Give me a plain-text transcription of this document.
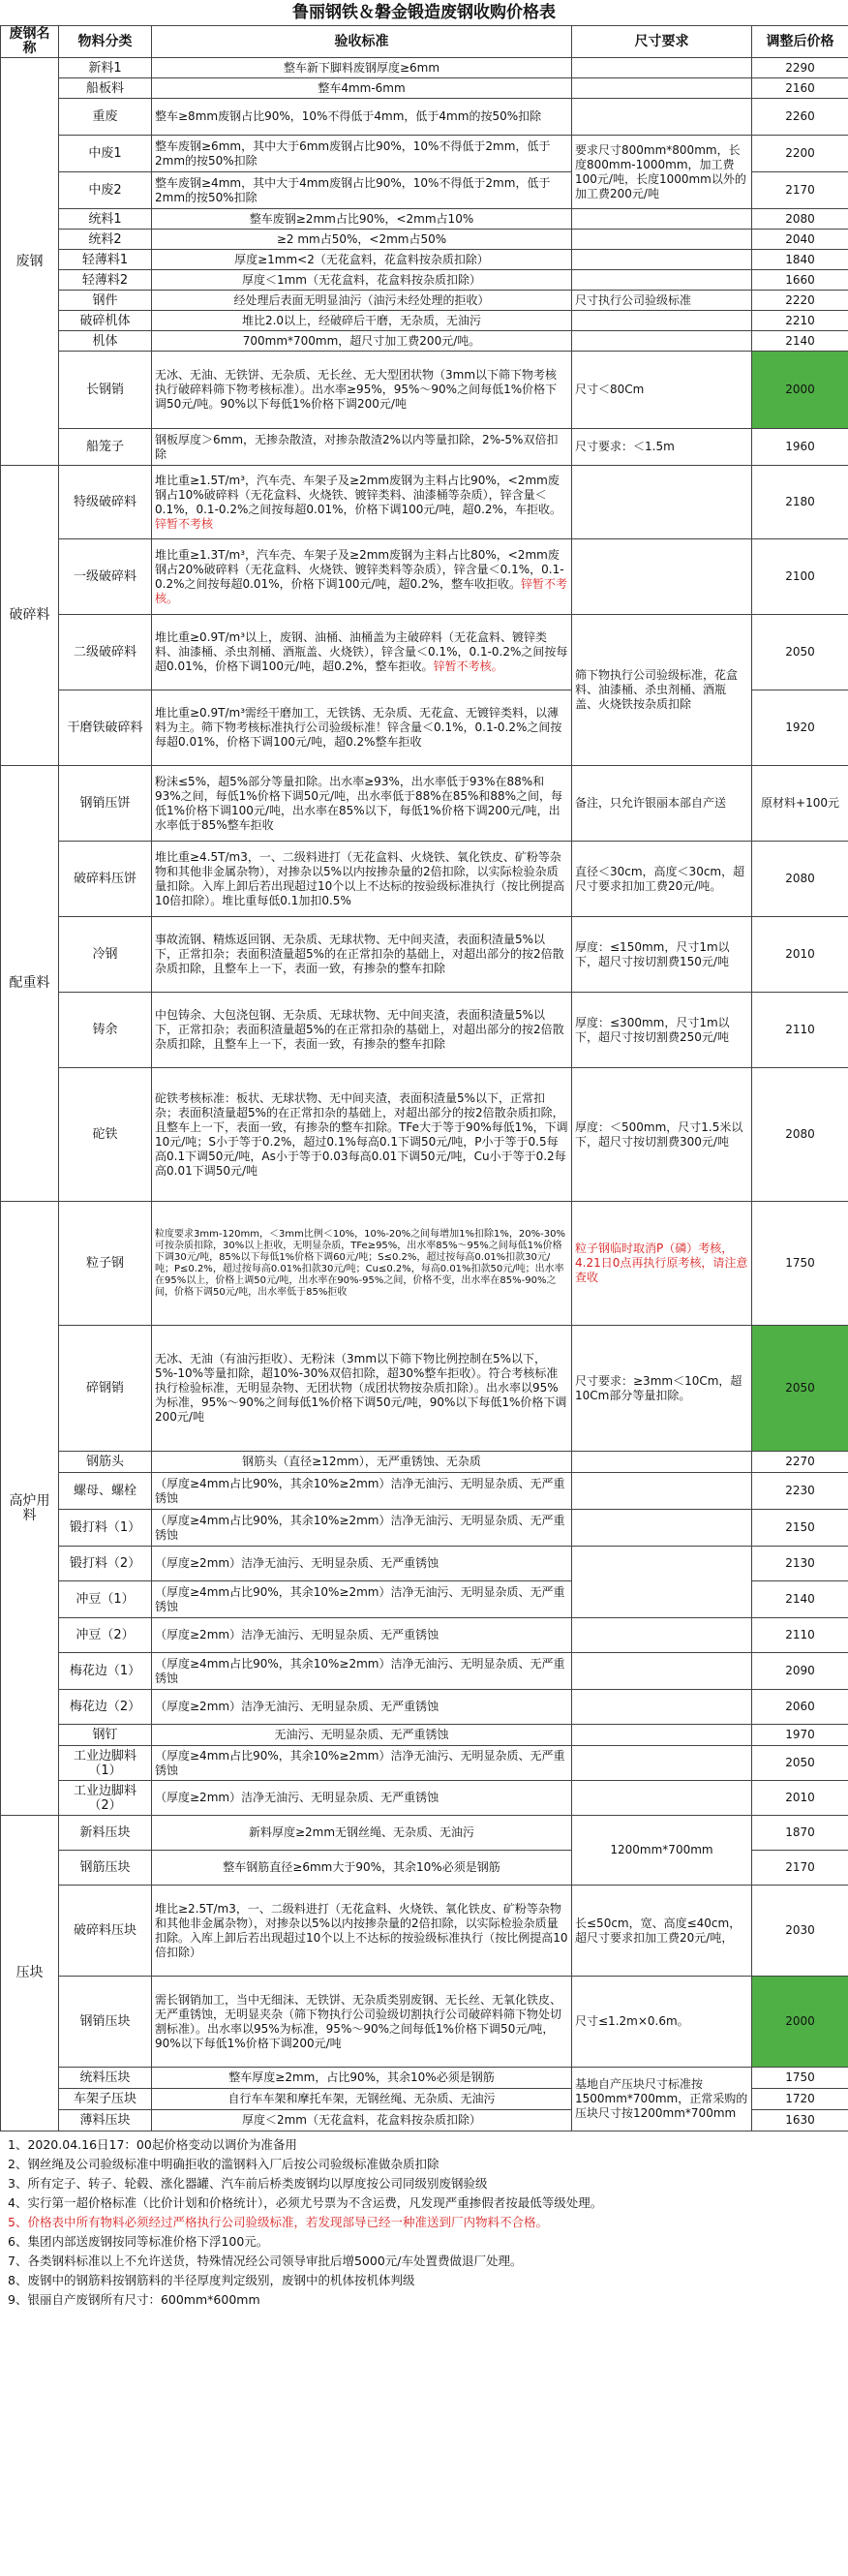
鲁丽钢铁＆磐金锻造废钢收购价格表
废钢名称	物料分类	验收标准	尺寸要求	调整后价格
废钢	新料1	整车新下脚料废钢厚度≥6mm		2290
	船板料	整车4mm-6mm		2160
	重废	整车≥8mm废钢占比90%，10%不得低于4mm，低于4mm的按50%扣除		2260
	中废1	整车废钢≥6mm，其中大于6mm废钢占比90%，10%不得低于2mm，低于2mm的按50%扣除	要求尺寸800mm*800mm，长度800mm-1000mm，加工费100元/吨，长度1000mm以外的加工费200元/吨	2200
	中废2	整车废钢≥4mm，其中大于4mm废钢占比90%，10%不得低于2mm，低于2mm的按50%扣除		2170
	统料1	整车废钢≥2mm占比90%，<2mm占10%		2080
	统料2	≥2 mm占50%，<2mm占50%		2040
	轻薄料1	厚度≥1mm<2（无花盒料，花盒料按杂质扣除）		1840
	轻薄料2	厚度＜1mm（无花盒料，花盒料按杂质扣除）		1660
	钢件	经处理后表面无明显油污（油污未经处理的拒收）	尺寸执行公司验级标准	2220
	破碎机体	堆比2.0以上，经破碎后干磨，无杂质，无油污		2210
	机体	700mm*700mm，超尺寸加工费200元/吨。		2140
	长钢销	无冰、无油、无铁饼、无杂质、无长丝、无大型团状物（3mm以下筛下物考核执行破碎料筛下物考核标准）。出水率≥95%，95%～90%之间每低1%价格下调50元/吨。90%以下每低1%价格下调200元/吨	尺寸＜80Cm	2000
	船笼子	钢板厚度＞6mm，无掺杂散渣，对掺杂散渣2%以内等量扣除，2%-5%双倍扣除	尺寸要求：＜1.5m	1960
破碎料	特级破碎料	堆比重≥1.5T/m³，汽车壳、车架子及≥2mm废钢为主料占比90%，<2mm废钢占10%破碎料（无花盒料、火烧铁、镀锌类料、油漆桶等杂质），锌含量＜0.1%，0.1-0.2%之间按每超0.01%，价格下调100元/吨，超0.2%，车拒收。锌暂不考核		2180
	一级破碎料	堆比重≥1.3T/m³，汽车壳、车架子及≥2mm废钢为主料占比80%，<2mm废钢占20%破碎料（无花盒料、火烧铁、镀锌类料等杂质），锌含量＜0.1%，0.1-0.2%之间按每超0.01%，价格下调100元/吨，超0.2%，整车收拒收。锌暂不考核。		2100
	二级破碎料	堆比重≥0.9T/m³以上，废钢、油桶、油桶盖为主破碎料（无花盒料、镀锌类料、油漆桶、杀虫剂桶、酒瓶盖、火烧铁），锌含量＜0.1%，0.1-0.2%之间按每超0.01%，价格下调100元/吨，超0.2%，整车拒收。锌暂不考核。	筛下物执行公司验级标准，花盒料、油漆桶、杀虫剂桶、酒瓶盖、火烧铁按杂质扣除	2050
	干磨铁破碎料	堆比重≥0.9T/m³需经干磨加工，无铁锈、无杂质、无花盒、无镀锌类料，以薄料为主。筛下物考核标准执行公司验级标准！锌含量＜0.1%，0.1-0.2%之间按每超0.01%，价格下调100元/吨，超0.2%整车拒收		1920
配重料	钢销压饼	粉沫≤5%，超5%部分等量扣除。出水率≥93%，出水率低于93%在88%和93%之间，每低1%价格下调50元/吨，出水率低于88%在85%和88%之间，每低1%价格下调100元/吨，出水率在85%以下，每低1%价格下调200元/吨，出水率低于85%整车拒收	备注，只允许银丽本部自产送	原材料+100元
	破碎料压饼	堆比重≥4.5T/m3，一、二级料进打（无花盒料、火烧铁、氧化铁皮、矿粉等杂物和其他非金属杂物），对掺杂以5%以内按掺杂量的2倍扣除，以实际检验杂质量扣除。入库上卸后若出现超过10个以上不达标的按验级标准执行（按比例提高10倍扣除）。堆比重每低0.1加扣0.5%	直径＜30cm，高度＜30cm，超尺寸要求扣加工费20元/吨。	2080
	冷钢	事故流钢、精炼返回钢、无杂质、无球状物、无中间夹渣，表面积渣量5%以下，正常扣杂；表面积渣量超5%的在正常扣杂的基础上，对超出部分的按2倍散杂质扣除，且整车上一下，表面一致，有掺杂的整车扣除	厚度：≤150mm，尺寸1m以下，超尺寸按切割费150元/吨	2010
	铸余	中包铸余、大包浇包钢、无杂质、无球状物、无中间夹渣，表面积渣量5%以下，正常扣杂；表面积渣量超5%的在正常扣杂的基础上，对超出部分的按2倍散杂质扣除，且整车上一下，表面一致，有掺杂的整车扣除	厚度：≤300mm，尺寸1m以下，超尺寸按切割费250元/吨	2110
	砣铁	砣铁考核标准：板状、无球状物、无中间夹渣，表面积渣量5%以下，正常扣杂；表面积渣量超5%的在正常扣杂的基础上，对超出部分的按2倍散杂质扣除，且整车上一下，表面一致，有掺杂的整车扣除。TFe大于等于90%每低1%，下调10元/吨；S小于等于0.2%，超过0.1%每高0.1下调50元/吨，P小于等于0.5每高0.1下调50元/吨，As小于等于0.03每高0.01下调50元/吨，Cu小于等于0.2每高0.01下调50元/吨	厚度：＜500mm，尺寸1.5米以下，超尺寸按切割费300元/吨	2080
高炉用料	粒子钢	粒度要求3mm-120mm，＜3mm比例＜10%，10%-20%之间每增加1%扣除1%，20%-30%可按杂质扣除，30%以上拒收，无明显杂质，TFe≥95%，出水率85%～95%之间每低1%价格下调30元/吨，85%以下每低1%价格下调60元/吨；S≤0.2%，超过按每高0.01%扣款30元/吨；P≤0.2%，超过按每高0.01%扣款30元/吨；Cu≤0.2%，每高0.01%扣款50元/吨；出水率在95%以上，价格上调50元/吨，出水率在90%-95%之间，价格不变，出水率在85%-90%之间，价格下调50元/吨，出水率低于85%拒收	粒子钢临时取消P（磷）考核，4.21日0点再执行原考核，请注意查收	1750
	碎钢销	无冰、无油（有油污拒收）、无粉沫（3mm以下筛下物比例控制在5%以下，5%-10%等量扣除，超10%-30%双倍扣除，超30%整车拒收）。符合考核标准执行检验标准，无明显杂物、无团状物（成团状物按杂质扣除）。出水率以95%为标准，95%～90%之间每低1%价格下调50元/吨，90%以下每低1%价格下调200元/吨	尺寸要求：≥3mm＜10Cm，超10Cm部分等量扣除。	2050
	钢筋头	钢筋头（直径≥12mm），无严重锈蚀、无杂质		2270
	螺母、螺栓	（厚度≥4mm占比90%，其余10%≥2mm）洁净无油污、无明显杂质、无严重锈蚀		2230
	锻打料（1）	（厚度≥4mm占比90%，其余10%≥2mm）洁净无油污、无明显杂质、无严重锈蚀		2150
	锻打料（2）	（厚度≥2mm）洁净无油污、无明显杂质、无严重锈蚀		2130
	冲豆（1）	（厚度≥4mm占比90%，其余10%≥2mm）洁净无油污、无明显杂质、无严重锈蚀		2140
	冲豆（2）	（厚度≥2mm）洁净无油污、无明显杂质、无严重锈蚀		2110
	梅花边（1）	（厚度≥4mm占比90%，其余10%≥2mm）洁净无油污、无明显杂质、无严重锈蚀		2090
	梅花边（2）	（厚度≥2mm）洁净无油污、无明显杂质、无严重锈蚀		2060
	钢钉	无油污、无明显杂质、无严重锈蚀		1970
	工业边脚料（1）	（厚度≥4mm占比90%，其余10%≥2mm）洁净无油污、无明显杂质、无严重锈蚀		2050
	工业边脚料（2）	（厚度≥2mm）洁净无油污、无明显杂质、无严重锈蚀		2010
压块	新料压块	新料厚度≥2mm无钢丝绳、无杂质、无油污	1200mm*700mm	1870
	钢筋压块	整车钢筋直径≥6mm大于90%，其余10%必须是钢筋		2170
	破碎料压块	堆比≥2.5T/m3，一、二级料进打（无花盒料、火烧铁、氧化铁皮、矿粉等杂物和其他非金属杂物），对掺杂以5%以内按掺杂量的2倍扣除，以实际检验杂质量扣除。入库上卸后若出现超过10个以上不达标的按验级标准执行（按比例提高10倍扣除）	长≤50cm，宽、高度≤40cm，超尺寸要求扣加工费20元/吨，	2030
	钢销压块	需长钢销加工，当中无细沫、无铁饼、无杂质类别废钢、无长丝、无氧化铁皮、无严重锈蚀，无明显夹杂（筛下物执行公司验级切割执行公司破碎料筛下物处切割标准）。出水率以95%为标准，95%～90%之间每低1%价格下调50元/吨，90%以下每低1%价格下调200元/吨	尺寸≤1.2m×0.6m。	2000
	统料压块	整车厚度≥2mm，占比90%，其余10%必须是钢筋	基地自产压块尺寸标准按1500mm*700mm，正常采购的压块尺寸按1200mm*700mm	1750
	车架子压块	自行车车架和摩托车架，无钢丝绳、无杂质、无油污		1720
	薄料压块	厚度＜2mm（无花盒料，花盒料按杂质扣除）		1630
1、2020.04.16日17：00起价格变动以调价为准备用
2、钢丝绳及公司验级标准中明确拒收的滥钢料入厂后按公司验级标准做杂质扣除
3、所有定子、转子、轮毂、涨化器罐、汽车前后桥类废钢均以厚度按公司同级别废钢验级
4、实行第一超价格标准（比价计划和价格统计），必须尤号票为不含运费，凡发现严重掺假者按最低等级处理。
5、价格表中所有物料必须经过严格执行公司验级标准，若发现部导已经一种准送到厂内物料不合格。
6、集团内部送废钢按同等标准价格下浮100元。
7、各类钢料标准以上不允许送货，特殊情况经公司领导审批后增5000元/车处置费做退厂处理。
8、废钢中的钢筋料按钢筋料的半径厚度判定级别，废钢中的机体按机体判级
9、银丽自产废钢所有尺寸：600mm*600mm
